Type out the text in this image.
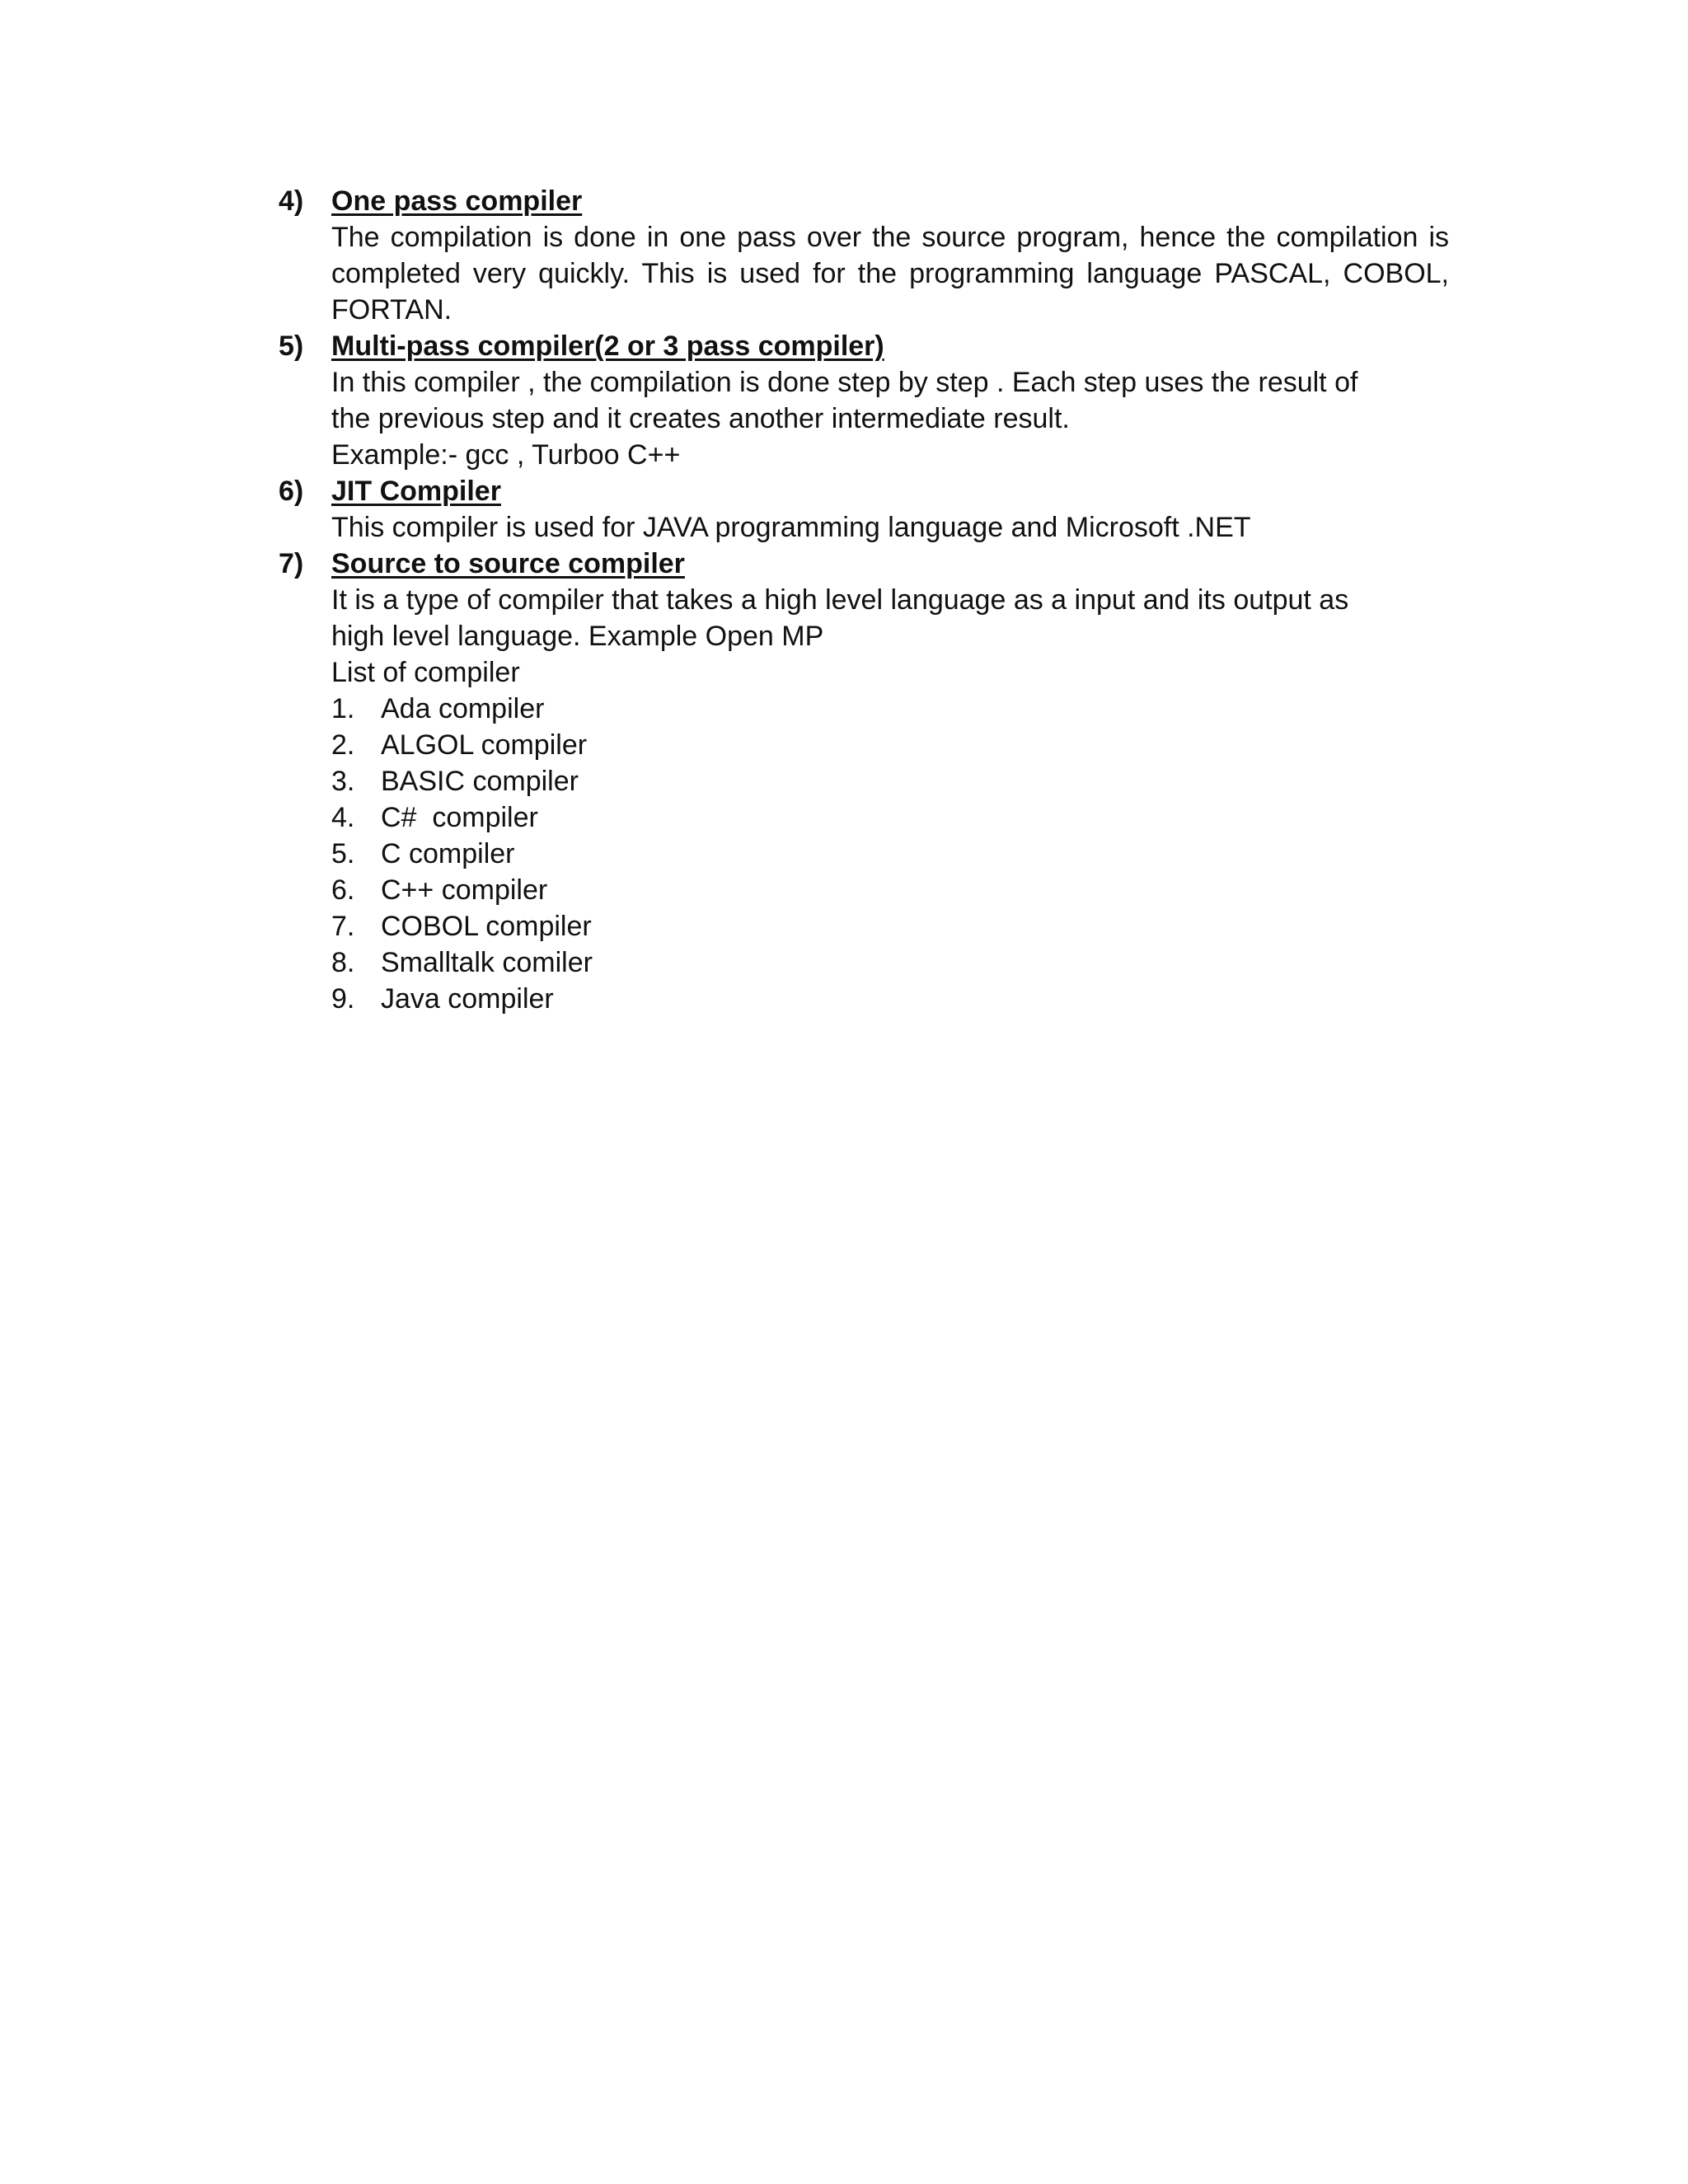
4) One pass compiler

The compilation is done in one pass over the source program, hence the compilation is completed very quickly. This is used for the programming language PASCAL, COBOL, FORTAN.

5) Multi-pass compiler(2 or 3 pass compiler)

In this compiler , the compilation is done step by step . Each step uses the result of the previous step and it creates another intermediate result.

Example:- gcc , Turboo C++

6) JIT Compiler

This compiler is used for JAVA programming language and Microsoft .NET

7) Source to source compiler

It is a type of compiler that takes a high level language as a input and its output as high level language. Example Open MP

List of compiler

1. Ada compiler
2. ALGOL compiler
3. BASIC compiler
4. C#  compiler
5. C compiler
6. C++ compiler
7. COBOL compiler
8. Smalltalk comiler
9. Java compiler
